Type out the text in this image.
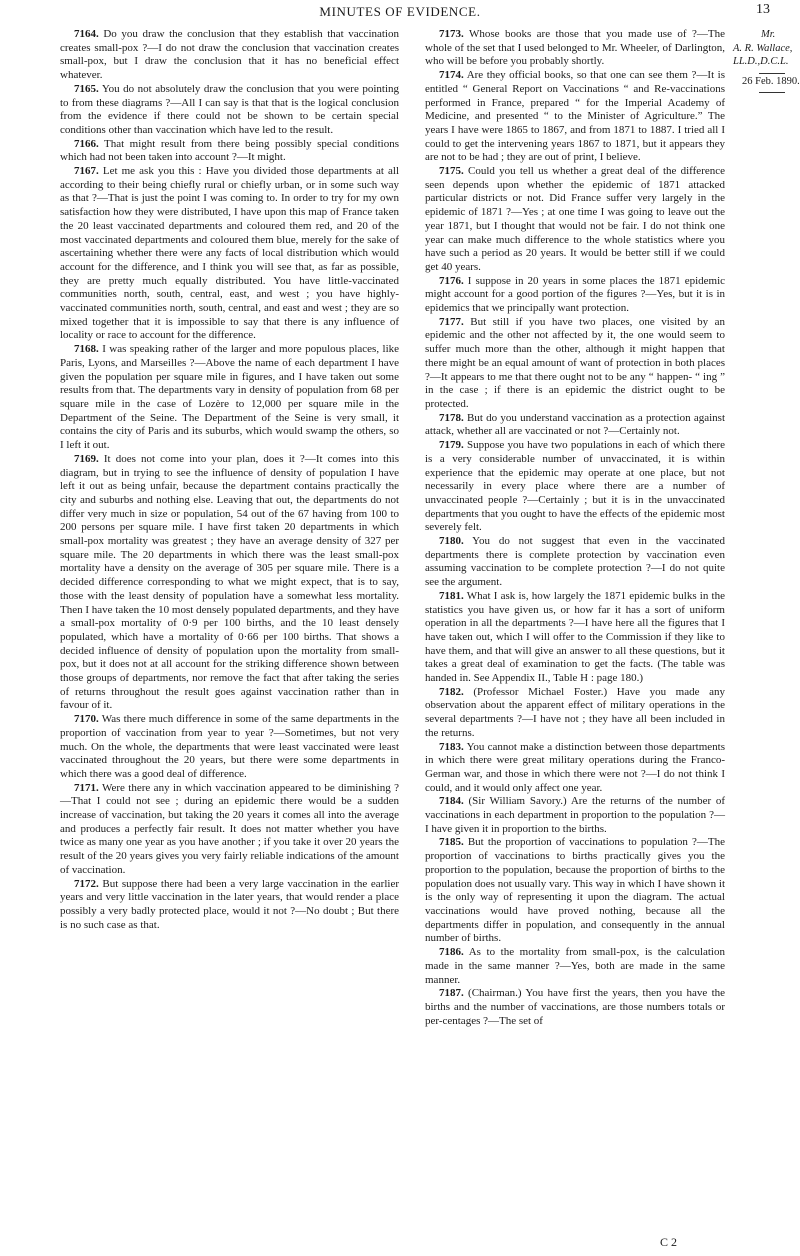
MINUTES OF EVIDENCE.	13

7164. Do you draw the conclusion that they establish that vaccination creates small-pox ?—I do not draw the conclusion that vaccination creates small-pox, but I draw the conclusion that it has no beneficial effect whatever.

7165. You do not absolutely draw the conclusion that you were pointing to from these diagrams ?—All I can say is that that is the logical conclusion from the evidence if there could not be shown to be certain special conditions other than vaccination which have led to the result.

7166. That might result from there being possibly special conditions which had not been taken into account ?—It might.

7167. Let me ask you this : Have you divided those departments at all according to their being chiefly rural or chiefly urban, or in some such way as that ?—That is just the point I was coming to. In order to try for my own satisfaction how they were distributed, I have upon this map of France taken the 20 least vaccinated departments and coloured them red, and 20 of the most vaccinated departments and coloured them blue, merely for the sake of ascertaining whether there were any facts of local distribution which would account for the difference, and I think you will see that, as far as possible, they are pretty much equally distributed. You have little-vaccinated communities north, south, central, east, and west ; you have highly-vaccinated communities north, south, central, and east and west ; they are so mixed together that it is impossible to say that there is any influence of locality or race to account for the difference.

7168. I was speaking rather of the larger and more populous places, like Paris, Lyons, and Marseilles ?—Above the name of each department I have given the population per square mile in figures, and I have taken out some results from that. The departments vary in density of population from 68 per square mile in the case of Lozère to 12,000 per square mile in the Department of the Seine. The Department of the Seine is very small, it contains the city of Paris and its suburbs, which would swamp the others, so I left it out.

7169. It does not come into your plan, does it ?—It comes into this diagram, but in trying to see the influence of density of population I have left it out as being unfair, because the department contains practically the city and suburbs and nothing else. Leaving that out, the departments do not differ very much in size or population, 54 out of the 67 having from 100 to 200 persons per square mile. I have first taken 20 departments in which small-pox mortality was greatest ; they have an average density of 327 per square mile. The 20 departments in which there was the least small-pox mortality have a density on the average of 305 per square mile. There is a decided difference corresponding to what we might expect, that is to say, those with the least density of population have a somewhat less mortality. Then I have taken the 10 most densely populated departments, and they have a small-pox mortality of 0·9 per 100 births, and the 10 least densely populated, which have a mortality of 0·66 per 100 births. That shows a decided influence of density of population upon the mortality from small-pox, but it does not at all account for the striking difference shown between those groups of departments, nor remove the fact that after taking the series of returns throughout the result goes against vaccination rather than in favour of it.

7170. Was there much difference in some of the same departments in the proportion of vaccination from year to year ?—Sometimes, but not very much. On the whole, the departments that were least vaccinated were least vaccinated throughout the 20 years, but there were some departments in which there was a good deal of difference.

7171. Were there any in which vaccination appeared to be diminishing ?—That I could not see ; during an epidemic there would be a sudden increase of vaccination, but taking the 20 years it comes all into the average and produces a perfectly fair result. It does not matter whether you have twice as many one year as you have another ; if you take it over 20 years the result of the 20 years gives you very fairly reliable indications of the amount of vaccination.

7172. But suppose there had been a very large vaccination in the earlier years and very little vaccination in the later years, that would render a place possibly a very badly protected place, would it not ?—No doubt ; But there is no such case as that.

7173. Whose books are those that you made use of ?—The whole of the set that I used belonged to Mr. Wheeler, of Darlington, who will be before you probably shortly.

7174. Are they official books, so that one can see them ?—It is entitled “ General Report on Vaccinations “ and Re-vaccinations performed in France, prepared “ for the Imperial Academy of Medicine, and presented “ to the Minister of Agriculture.” The years I have were 1865 to 1867, and from 1871 to 1887. I tried all I could to get the intervening years 1867 to 1871, but it appears they are not to be had ; they are out of print, I believe.

7175. Could you tell us whether a great deal of the difference seen depends upon whether the epidemic of 1871 attacked particular districts or not. Did France suffer very largely in the epidemic of 1871 ?—Yes ; at one time I was going to leave out the year 1871, but I thought that would not be fair. I do not think one year can make much difference to the whole statistics where you have such a period as 20 years. It would be better still if we could get 40 years.

7176. I suppose in 20 years in some places the 1871 epidemic might account for a good portion of the figures ?—Yes, but it is in epidemics that we principally want protection.

7177. But still if you have two places, one visited by an epidemic and the other not affected by it, the one would seem to suffer much more than the other, although it might happen that there might be an equal amount of want of protection in both places ?—It appears to me that there ought not to be any “ happen- “ ing ” in the case ; if there is an epidemic the district ought to be protected.

7178. But do you understand vaccination as a protection against attack, whether all are vaccinated or not ?—Certainly not.

7179. Suppose you have two populations in each of which there is a very considerable number of unvaccinated, it is within experience that the epidemic may operate at one place, but not necessarily in every place where there are a number of unvaccinated people ?—Certainly ; but it is in the unvaccinated departments that you ought to have the effects of the epidemic most severely felt.

7180. You do not suggest that even in the vaccinated departments there is complete protection by vaccination even assuming vaccination to be complete protection ?—I do not quite see the argument.

7181. What I ask is, how largely the 1871 epidemic bulks in the statistics you have given us, or how far it has a sort of uniform operation in all the departments ?—I have here all the figures that I have taken out, which I will offer to the Commission if they like to have them, and that will give an answer to all these questions, but it takes a great deal of examination to get the facts. (The table was handed in. See Appendix II., Table H : page 180.)

7182. (Professor Michael Foster.) Have you made any observation about the apparent effect of military operations in the several departments ?—I have not ; they have all been included in the returns.

7183. You cannot make a distinction between those departments in which there were great military operations during the Franco-German war, and those in which there were not ?—I do not think I could, and it would only affect one year.

7184. (Sir William Savory.) Are the returns of the number of vaccinations in each department in proportion to the population ?—I have given it in proportion to the births.

7185. But the proportion of vaccinations to population ?—The proportion of vaccinations to births practically gives you the proportion to the population, because the proportion of births to the population does not usually vary. This way in which I have shown it is the only way of representing it upon the diagram. The actual vaccinations would have proved nothing, because all the departments differ in population, and consequently in the annual number of births.

7186. As to the mortality from small-pox, is the calculation made in the same manner ?—Yes, both are made in the same manner.

7187. (Chairman.) You have first the years, then you have the births and the number of vaccinations, are those numbers totals or per-centages ?—The set of

Mr.
A. R. Wallace,
LL.D.,D.C.L.
26 Feb. 1890.
C 2
